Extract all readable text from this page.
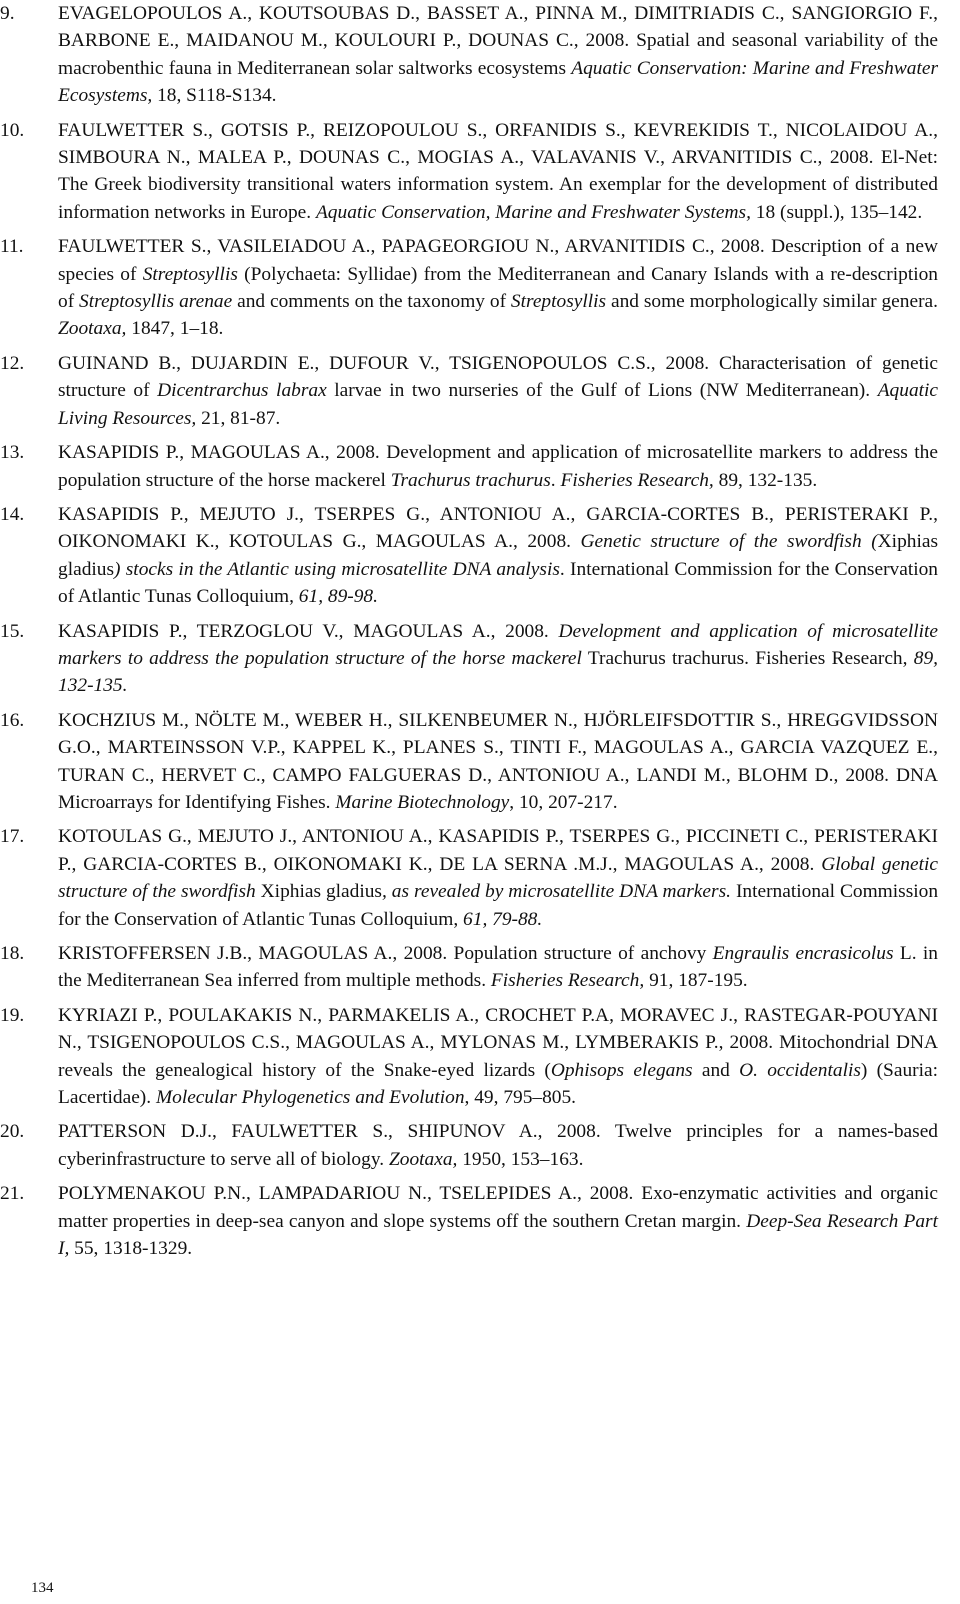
9. EVAGELOPOULOS A., KOUTSOUBAS D., BASSET A., PINNA M., DIMITRIADIS C., SANGIORGIO F., BARBONE E., MAIDANOU M., KOULOURI P., DOUNAS C., 2008. Spatial and seasonal variability of the macrobenthic fauna in Mediterranean solar saltworks ecosystems Aquatic Conservation: Marine and Freshwater Ecosystems, 18, S118-S134.
10. FAULWETTER S., GOTSIS P., REIZOPOULOU S., ORFANIDIS S., KEVREKIDIS T., NICOLAIDOU A., SIMBOURA N., MALEA P., DOUNAS C., MOGIAS A., VALAVANIS V., ARVANITIDIS C., 2008. El-Net: The Greek biodiversity transitional waters information system. An exemplar for the development of distributed information networks in Europe. Aquatic Conservation, Marine and Freshwater Systems, 18 (suppl.), 135–142.
11. FAULWETTER S., VASILEIADOU A., PAPAGEORGIOU N., ARVANITIDIS C., 2008. Description of a new species of Streptosyllis (Polychaeta: Syllidae) from the Mediterranean and Canary Islands with a re-description of Streptosyllis arenae and comments on the taxonomy of Streptosyllis and some morphologically similar genera. Zootaxa, 1847, 1–18.
12. GUINAND B., DUJARDIN E., DUFOUR V., TSIGENOPOULOS C.S., 2008. Characterisation of genetic structure of Dicentrarchus labrax larvae in two nurseries of the Gulf of Lions (NW Mediterranean). Aquatic Living Resources, 21, 81-87.
13. KASAPIDIS P., MAGOULAS A., 2008. Development and application of microsatellite markers to address the population structure of the horse mackerel Trachurus trachurus. Fisheries Research, 89, 132-135.
14. KASAPIDIS P., MEJUTO J., TSERPES G., ANTONIOU A., GARCIA-CORTES B., PERISTERAKI P., OIKONOMAKI K., KOTOULAS G., MAGOULAS A., 2008. Genetic structure of the swordfish (Xiphias gladius) stocks in the Atlantic using microsatellite DNA analysis. International Commission for the Conservation of Atlantic Tunas Colloquium, 61, 89-98.
15. KASAPIDIS P., TERZOGLOU V., MAGOULAS A., 2008. Development and application of microsatellite markers to address the population structure of the horse mackerel Trachurus trachurus. Fisheries Research, 89, 132-135.
16. KOCHZIUS M., NÖLTE M., WEBER H., SILKENBEUMER N., HJÖRLEIFSDOTTIR S., HREGGVIDSSON G.O., MARTEINSSON V.P., KAPPEL K., PLANES S., TINTI F., MAGOULAS A., GARCIA VAZQUEZ E., TURAN C., HERVET C., CAMPO FALGUERAS D., ANTONIOU A., LANDI M., BLOHM D., 2008. DNA Microarrays for Identifying Fishes. Marine Biotechnology, 10, 207-217.
17. KOTOULAS G., MEJUTO J., ANTONIOU A., KASAPIDIS P., TSERPES G., PICCINETI C., PERISTERAKI P., GARCIA-CORTES B., OIKONOMAKI K., DE LA SERNA .M.J., MAGOULAS A., 2008. Global genetic structure of the swordfish Xiphias gladius, as revealed by microsatellite DNA markers. International Commission for the Conservation of Atlantic Tunas Colloquium, 61, 79-88.
18. KRISTOFFERSEN J.B., MAGOULAS A., 2008. Population structure of anchovy Engraulis encrasicolus L. in the Mediterranean Sea inferred from multiple methods. Fisheries Research, 91, 187-195.
19. KYRIAZI P., POULAKAKIS N., PARMAKELIS A., CROCHET P.A, MORAVEC J., RASTEGAR-POUYANI N., TSIGENOPOULOS C.S., MAGOULAS A., MYLONAS M., LYMBERAKIS P., 2008. Mitochondrial DNA reveals the genealogical history of the Snake-eyed lizards (Ophisops elegans and O. occidentalis) (Sauria: Lacertidae). Molecular Phylogenetics and Evolution, 49, 795–805.
20. PATTERSON D.J., FAULWETTER S., SHIPUNOV A., 2008. Twelve principles for a names-based cyberinfrastructure to serve all of biology. Zootaxa, 1950, 153–163.
21. POLYMENAKOU P.N., LAMPADARIOU N., TSELEPIDES A., 2008. Exo-enzymatic activities and organic matter properties in deep-sea canyon and slope systems off the southern Cretan margin. Deep-Sea Research Part I, 55, 1318-1329.
134
